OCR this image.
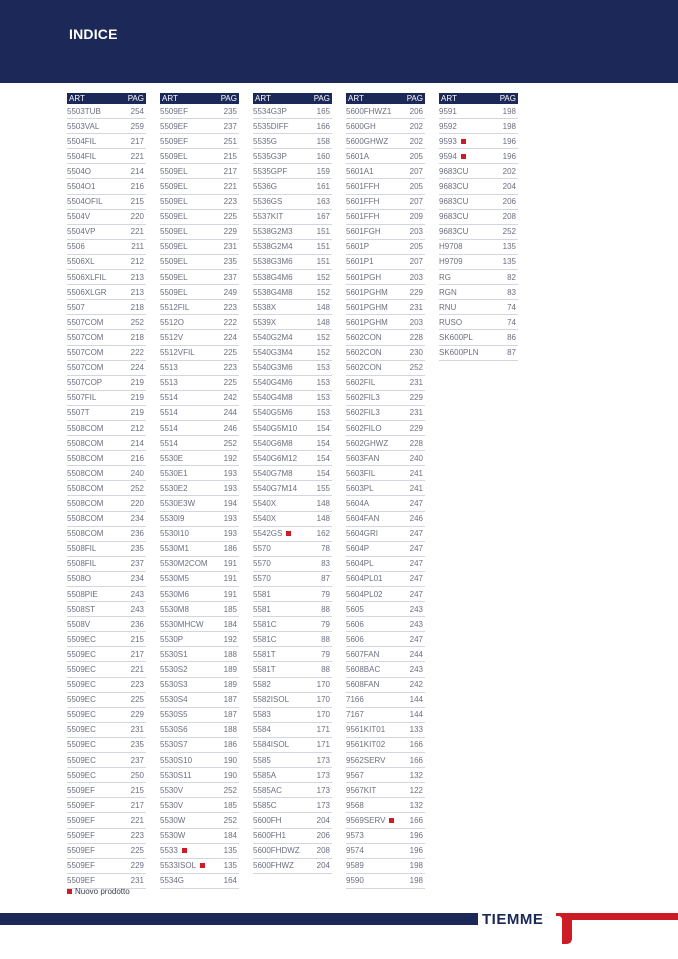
INDICE
ART	PAG
5503TUB	254
5503VAL	259
5504FIL	217
5504FIL	221
5504O	214
5504O1	216
5504OFIL	215
5504V	220
5504VP	221
5506	211
5506XL	212
5506XLFIL	213
5506XLGR	213
5507	218
5507COM	252
5507COM	218
5507COM	222
5507COM	224
5507COP	219
5507FIL	219
5507T	219
5508COM	212
5508COM	214
5508COM	216
5508COM	240
5508COM	252
5508COM	220
5508COM	234
5508COM	236
5508FIL	235
5508FIL	237
5508O	234
5508PIE	243
5508ST	243
5508V	236
5509EC	215
5509EC	217
5509EC	221
5509EC	223
5509EC	225
5509EC	229
5509EC	231
5509EC	235
5509EC	237
5509EC	250
5509EF	215
5509EF	217
5509EF	221
5509EF	223
5509EF	225
5509EF	229
5509EF	231
ART	PAG
5509EF	235
5509EF	237
5509EF	251
5509EL	215
5509EL	217
5509EL	221
5509EL	223
5509EL	225
5509EL	229
5509EL	231
5509EL	235
5509EL	237
5509EL	249
5512FIL	223
5512O	222
5512V	224
5512VFIL	225
5513	223
5513	225
5514	242
5514	244
5514	246
5514	252
5530E	192
5530E1	193
5530E2	193
5530E3W	194
5530I9	193
5530I10	193
5530M1	186
5530M2COM 191
5530M5	191
5530M6	191
5530M8	185
5530MHCW	184
5530P	192
5530S1	188
5530S2	189
5530S3	189
5530S4	187
5530S5	187
5530S6	188
5530S7	186
5530S10	190
5530S11	190
5530V	252
5530V	185
5530W	252
5530W	184
5533	135
5533ISOL	135
5534G	164
ART	PAG
5534G3P	165
5535DIFF	166
5535G	158
5535G3P	160
5535GPF	159
5536G	161
5536GS	163
5537KIT	167
5538G2M3	151
5538G2M4	151
5538G3M6	151
5538G4M6	152
5538G4M8	152
5538X	148
5539X	148
5540G2M4	152
5540G3M4	152
5540G3M6	153
5540G4M6	153
5540G4M8	153
5540G5M6	153
5540G5M10 154
5540G6M8	154
5540G6M12 154
5540G7M8	154
5540G7M14 155
5540X	148
5540X	148
5542GS	162
5570	78
5570	83
5570	87
5581	79
5581	88
5581C	79
5581C	88
5581T	79
5581T	88
5582	170
5582ISOL	170
5583	170
5584	171
5584ISOL	171
5585	173
5585A	173
5585AC	173
5585C	173
5600FH	204
5600FH1	206
5600FHDWZ 208
5600FHWZ	204
ART	PAG
5600FHWZ1 206
5600GH	202
5600GHWZ	202
5601A	205
5601A1	207
5601FFH	205
5601FFH	207
5601FFH	209
5601FGH	203
5601P	205
5601P1	207
5601PGH	203
5601PGHM	229
5601PGHM	231
5601PGHM	203
5602CON	228
5602CON	230
5602CON	252
5602FIL	231
5602FIL3	229
5602FIL3	231
5602FILO	229
5602GHWZ	228
5603FAN	240
5603FIL	241
5603PL	241
5604A	247
5604FAN	246
5604GRI	247
5604P	247
5604PL	247
5604PL01	247
5604PL02	247
5605	243
5606	243
5606	247
5607FAN	244
5608BAC	243
5608FAN	242
7166	144
7167	144
9561KIT01	133
9561KIT02	166
9562SERV	166
9567	132
9567KIT	122
9568	132
9569SERV	166
9573	196
9574	196
9589	198
9590	198
ART	PAG
9591	198
9592	198
9593	196
9594	196
9683CU	202
9683CU	204
9683CU	206
9683CU	208
9683CU	252
H9708	135
H9709	135
RG	82
RGN	83
RNU	74
RUSO	74
SK600PL	86
SK600PLN	87
Nuovo prodotto
TIEMME
